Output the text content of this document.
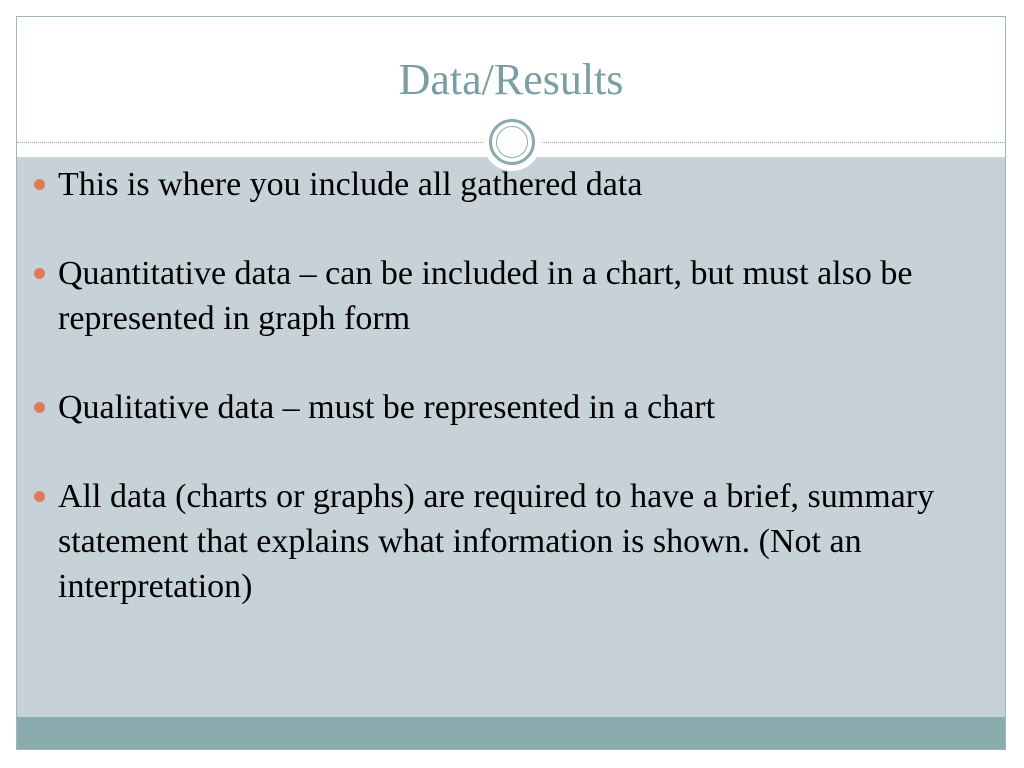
Data/Results
This is where you include all gathered data
Quantitative data – can be included in a chart, but must also be represented in graph form
Qualitative data – must be represented in a chart
All data (charts or graphs) are required to have a brief, summary statement that explains what information is shown. (Not an interpretation)
